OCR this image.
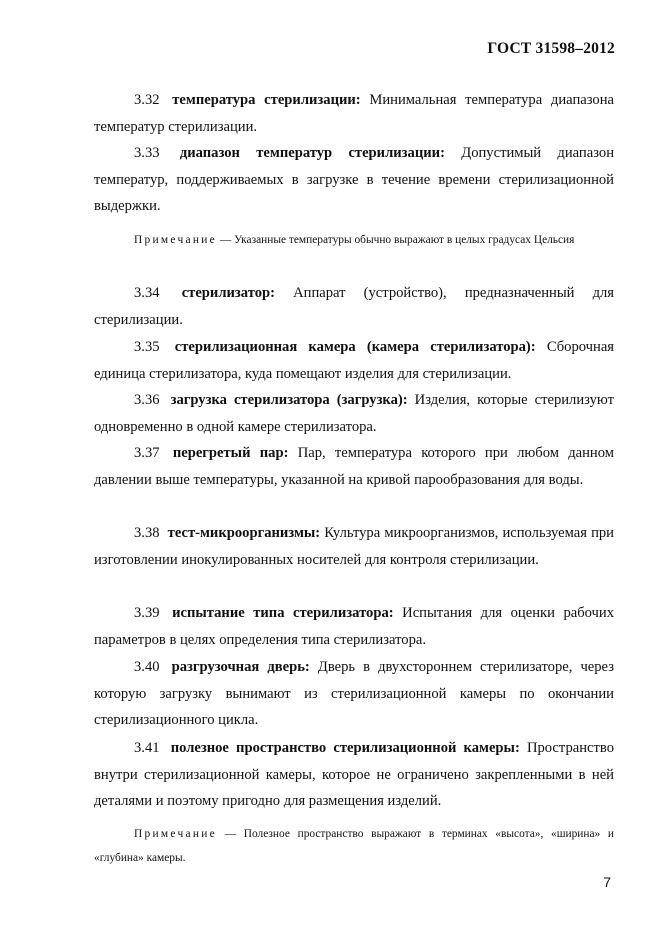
ГОСТ 31598–2012
3.32 температура стерилизации: Минимальная температура диапазона температур стерилизации.
3.33 диапазон температур стерилизации: Допустимый диапазон температур, поддерживаемых в загрузке в течение времени стерилизационной выдержки.
Примечание — Указанные температуры обычно выражают в целых градусах Цельсия
3.34 стерилизатор: Аппарат (устройство), предназначенный для стерилизации.
3.35 стерилизационная камера (камера стерилизатора): Сборочная единица стерилизатора, куда помещают изделия для стерилизации.
3.36 загрузка стерилизатора (загрузка): Изделия, которые стерилизуют одновременно в одной камере стерилизатора.
3.37 перегретый пар: Пар, температура которого при любом данном давлении выше температуры, указанной на кривой парообразования для воды.
3.38 тест-микроорганизмы: Культура микроорганизмов, используемая при изготовлении инокулированных носителей для контроля стерилизации.
3.39 испытание типа стерилизатора: Испытания для оценки рабочих параметров в целях определения типа стерилизатора.
3.40 разгрузочная дверь: Дверь в двухстороннем стерилизаторе, через которую загрузку вынимают из стерилизационной камеры по окончании стерилизационного цикла.
3.41 полезное пространство стерилизационной камеры: Пространство внутри стерилизационной камеры, которое не ограничено закрепленными в ней деталями и поэтому пригодно для размещения изделий.
Примечание — Полезное пространство выражают в терминах «высота», «ширина» и «глубина» камеры.
7
